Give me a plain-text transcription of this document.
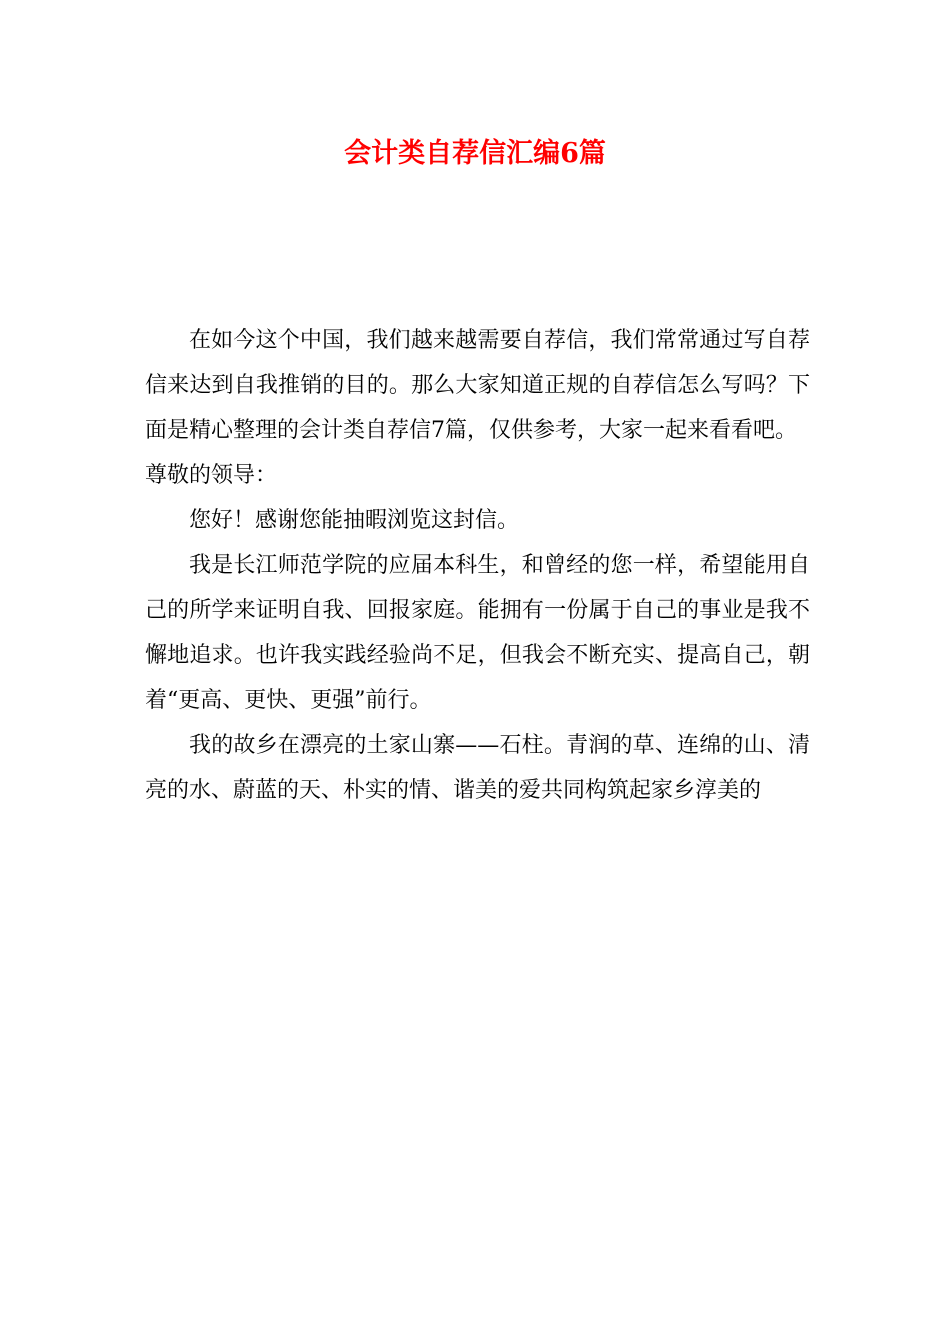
会计类自荐信汇编6篇

在如今这个中国，我们越来越需要自荐信，我们常常通过写自荐信来达到自我推销的目的。那么大家知道正规的自荐信怎么写吗？下面是精心整理的会计类自荐信7篇，仅供参考，大家一起来看看吧。

尊敬的领导：

您好！感谢您能抽暇浏览这封信。

我是长江师范学院的应届本科生，和曾经的您一样，希望能用自己的所学来证明自我、回报家庭。能拥有一份属于自己的事业是我不懈地追求。也许我实践经验尚不足，但我会不断充实、提高自己，朝着“更高、更快、更强”前行。

我的故乡在漂亮的土家山寨——石柱。青润的草、连绵的山、清亮的水、蔚蓝的天、朴实的情、谐美的爱共同构筑起家乡淳美的
